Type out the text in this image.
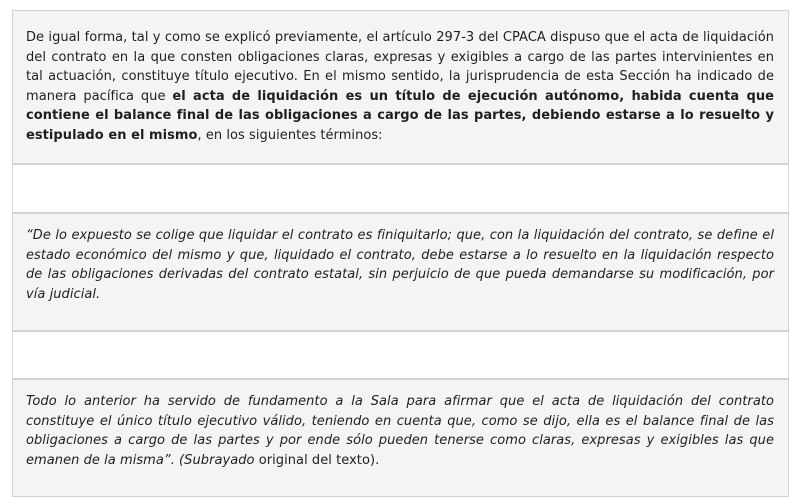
De igual forma, tal y como se explicó previamente, el artículo 297-3 del CPACA dispuso que el acta de liquidación del contrato en la que consten obligaciones claras, expresas y exigibles a cargo de las partes intervinientes en tal actuación, constituye título ejecutivo. En el mismo sentido, la jurisprudencia de esta Sección ha indicado de manera pacífica que el acta de liquidación es un título de ejecución autónomo, habida cuenta que contiene el balance final de las obligaciones a cargo de las partes, debiendo estarse a lo resuelto y estipulado en el mismo, en los siguientes términos:

“De lo expuesto se colige que liquidar el contrato es finiquitarlo; que, con la liquidación del contrato, se define el estado económico del mismo y que, liquidado el contrato, debe estarse a lo resuelto en la liquidación respecto de las obligaciones derivadas del contrato estatal, sin perjuicio de que pueda demandarse su modificación, por vía judicial.

Todo lo anterior ha servido de fundamento a la Sala para afirmar que el acta de liquidación del contrato constituye el único título ejecutivo válido, teniendo en cuenta que, como se dijo, ella es el balance final de las obligaciones a cargo de las partes y por ende sólo pueden tenerse como claras, expresas y exigibles las que emanen de la misma”. (Subrayado original del texto).
